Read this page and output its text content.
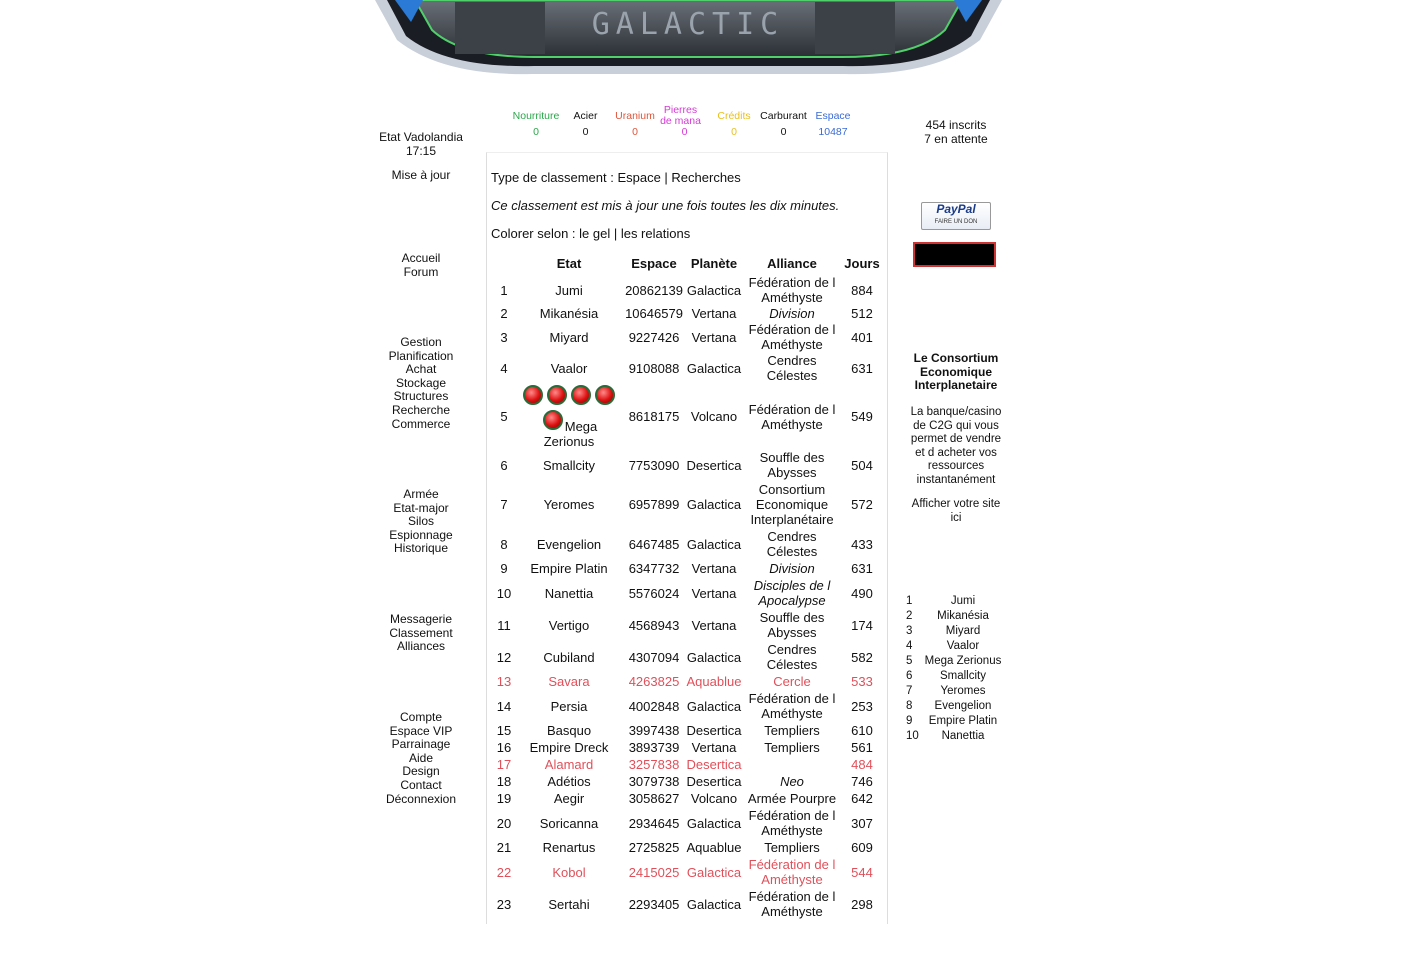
GALACTIC
Etat Vadolandia
17:15
Mise à jour
Accueil
Forum
Gestion
Planification
Achat
Stockage
Structures
Recherche
Commerce
Armée
Etat-major
Silos
Espionnage
Historique
Messagerie
Classement
Alliances
Compte
Espace VIP
Parrainage
Aide
Design
Contact
Déconnexion
Nourriture
0
Acier
0
Uranium
0
Pierres de mana
0
Crédits
0
Carburant
0
Espace
10487	454 inscrits
7 en attente
PayPal
FAIRE UN DON
Le Consortium Economique Interplanetaire
La banque/casino de C2G qui vous permet de vendre et d acheter vos ressources instantanément
Afficher votre site ici
1	Jumi
2	Mikanésia
3	Miyard
4	Vaalor
5	Mega Zerionus
6	Smallcity
7	Yeromes
8	Evengelion
9	Empire Platin
10	Nanettia

Type de classement : Espace | Recherches

Ce classement est mis à jour une fois toutes les dix minutes.

Colorer selon : le gel | les relations

	Etat	Espace	Planète	Alliance	Jours
1	Jumi	20862139	Galactica	Fédération de l Améthyste	884
2	Mikanésia	10646579	Vertana	Division	512
3	Miyard	9227426	Vertana	Fédération de l Améthyste	401
4	Vaalor	9108088	Galactica	Cendres Célestes	631
5	Mega Zerionus	8618175	Volcano	Fédération de l Améthyste	549
6	Smallcity	7753090	Desertica	Souffle des Abysses	504
7	Yeromes	6957899	Galactica	Consortium Economique Interplanétaire	572
8	Evengelion	6467485	Galactica	Cendres Célestes	433
9	Empire Platin	6347732	Vertana	Division	631
10	Nanettia	5576024	Vertana	Disciples de l Apocalypse	490
11	Vertigo	4568943	Vertana	Souffle des Abysses	174
12	Cubiland	4307094	Galactica	Cendres Célestes	582
13	Savara	4263825	Aquablue	Cercle	533
14	Persia	4002848	Galactica	Fédération de l Améthyste	253
15	Basquo	3997438	Desertica	Templiers	610
16	Empire Dreck	3893739	Vertana	Templiers	561
17	Alamard	3257838	Desertica		484
18	Adétios	3079738	Desertica	Neo	746
19	Aegir	3058627	Volcano	Armée Pourpre	642
20	Soricanna	2934645	Galactica	Fédération de l Améthyste	307
21	Renartus	2725825	Aquablue	Templiers	609
22	Kobol	2415025	Galactica	Fédération de l Améthyste	544
23	Sertahi	2293405	Galactica	Fédération de l Améthyste	298
